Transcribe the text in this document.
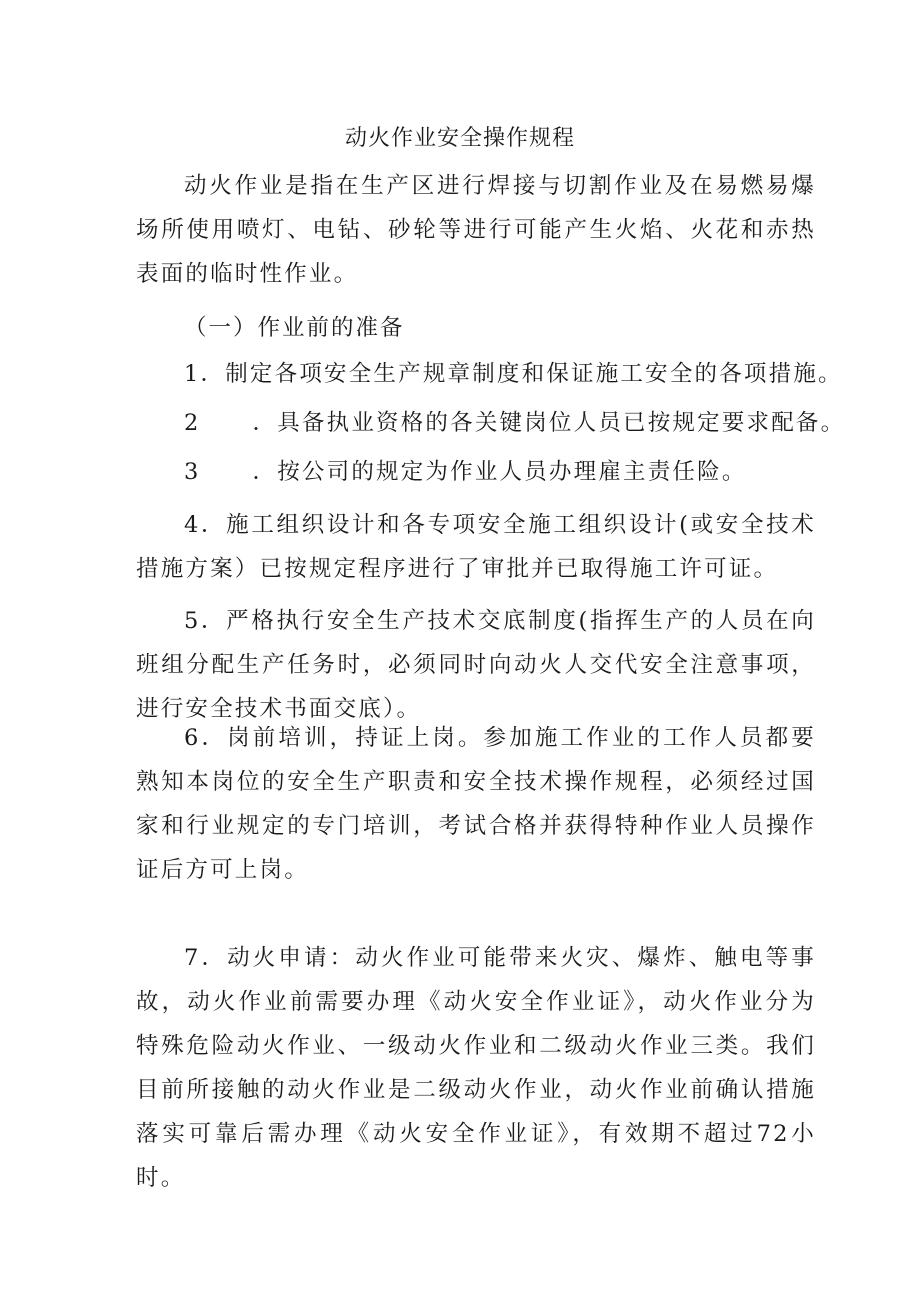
动火作业安全操作规程

动火作业是指在生产区进行焊接与切割作业及在易燃易爆场所使用喷灯、电钻、砂轮等进行可能产生火焰、火花和赤热表面的临时性作业。

（一）作业前的准备
1．制定各项安全生产规章制度和保证施工安全的各项措施。
2 ．具备执业资格的各关键岗位人员已按规定要求配备。
3 ．按公司的规定为作业人员办理雇主责任险。

4．施工组织设计和各专项安全施工组织设计(或安全技术措施方案）已按规定程序进行了审批并已取得施工许可证。

5．严格执行安全生产技术交底制度(指挥生产的人员在向班组分配生产任务时，必须同时向动火人交代安全注意事项，进行安全技术书面交底）。

6．岗前培训，持证上岗。参加施工作业的工作人员都要熟知本岗位的安全生产职责和安全技术操作规程，必须经过国家和行业规定的专门培训，考试合格并获得特种作业人员操作证后方可上岗。

7．动火申请：动火作业可能带来火灾、爆炸、触电等事故，动火作业前需要办理《动火安全作业证》，动火作业分为特殊危险动火作业、一级动火作业和二级动火作业三类。我们目前所接触的动火作业是二级动火作业，动火作业前确认措施落实可靠后需办理《动火安全作业证》，有效期不超过72小时。
